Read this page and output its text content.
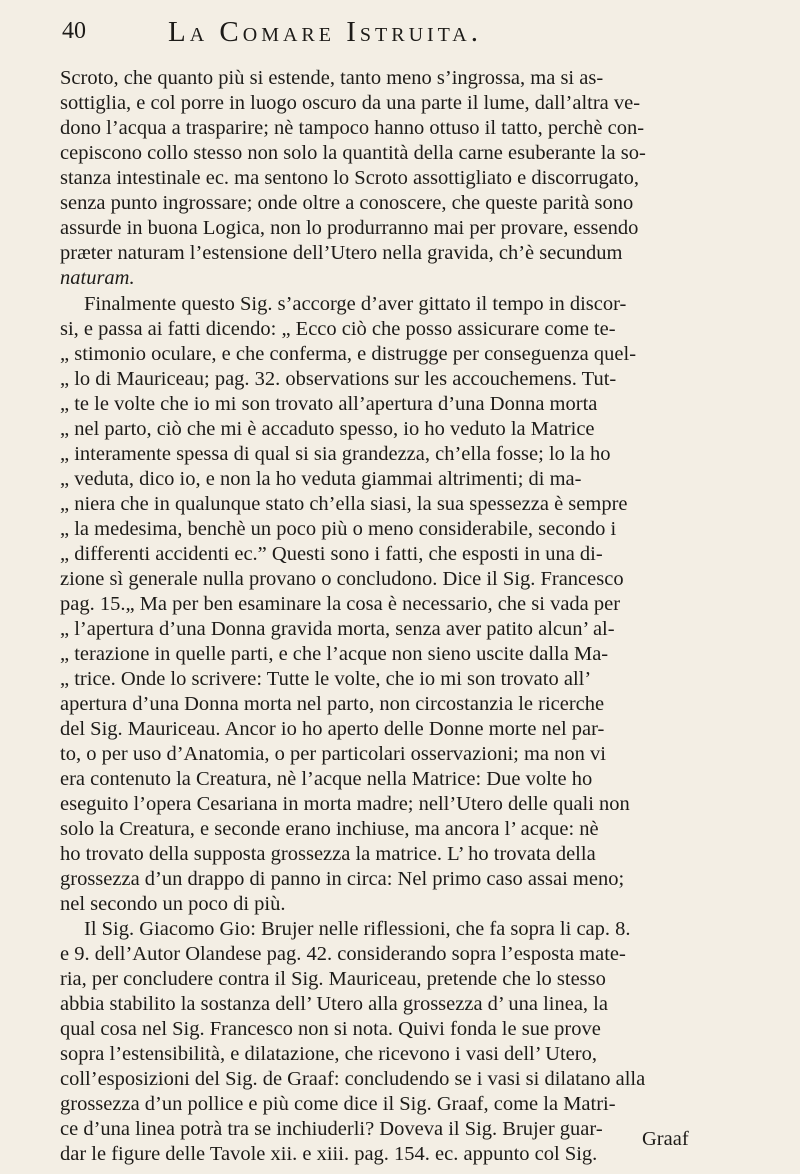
40	La Comare Istruita.
Scroto, che quanto più si estende, tanto meno s’ingrossa, ma si as-
sottiglia, e col porre in luogo oscuro da una parte il lume, dall’altra ve-
dono l’acqua a trasparire; nè tampoco hanno ottuso il tatto, perchè con-
cepiscono collo stesso non solo la quantità della carne esuberante la so-
stanza intestinale ec. ma sentono lo Scroto assottigliato e discorrugato,
senza punto ingrossare; onde oltre a conoscere, che queste parità sono
assurde in buona Logica, non lo produrranno mai per provare, essendo
præter naturam l’estensione dell’Utero nella gravida, ch’è secundum
naturam.
Finalmente questo Sig. s’accorge d’aver gittato il tempo in discor-
si, e passa ai fatti dicendo: „ Ecco ciò che posso assicurare come te-
„ stimonio oculare, e che conferma, e distrugge per conseguenza quel-
„ lo di Mauriceau; pag. 32. observations sur les accouchemens. Tut-
„ te le volte che io mi son trovato all’apertura d’una Donna morta
„ nel parto, ciò che mi è accaduto spesso, io ho veduto la Matrice
„ interamente spessa di qual si sia grandezza, ch’ella fosse; lo la ho
„ veduta, dico io, e non la ho veduta giammai altrimenti; di ma-
„ niera che in qualunque stato ch’ella siasi, la sua spessezza è sempre
„ la medesima, benchè un poco più o meno considerabile, secondo i
„ differenti accidenti ec.” Questi sono i fatti, che esposti in una di-
zione sì generale nulla provano o concludono. Dice il Sig. Francesco
pag. 15.„ Ma per ben esaminare la cosa è necessario, che si vada per
„ l’apertura d’una Donna gravida morta, senza aver patito alcun’ al-
„ terazione in quelle parti, e che l’acque non sieno uscite dalla Ma-
„ trice. Onde lo scrivere: Tutte le volte, che io mi son trovato all’
apertura d’una Donna morta nel parto, non circostanzia le ricerche
del Sig. Mauriceau. Ancor io ho aperto delle Donne morte nel par-
to, o per uso d’Anatomia, o per particolari osservazioni; ma non vi
era contenuto la Creatura, nè l’acque nella Matrice: Due volte ho
eseguito l’opera Cesariana in morta madre; nell’Utero delle quali non
solo la Creatura, e seconde erano inchiuse, ma ancora l’ acque: nè
ho trovato della supposta grossezza la matrice. L’ ho trovata della
grossezza d’un drappo di panno in circa: Nel primo caso assai meno;
nel secondo un poco di più.
Il Sig. Giacomo Gio: Brujer nelle riflessioni, che fa sopra li cap. 8.
e 9. dell’Autor Olandese pag. 42. considerando sopra l’esposta mate-
ria, per concludere contra il Sig. Mauriceau, pretende che lo stesso
abbia stabilito la sostanza dell’ Utero alla grossezza d’ una linea, la
qual cosa nel Sig. Francesco non si nota. Quivi fonda le sue prove
sopra l’estensibilità, e dilatazione, che ricevono i vasi dell’ Utero,
coll’esposizioni del Sig. de Graaf: concludendo se i vasi si dilatano alla
grossezza d’un pollice e più come dice il Sig. Graaf, come la Matri-
ce d’una linea potrà tra se inchiuderli? Doveva il Sig. Brujer guar-
dar le figure delle Tavole xii. e xiii. pag. 154. ec. appunto col Sig.
Graaf
